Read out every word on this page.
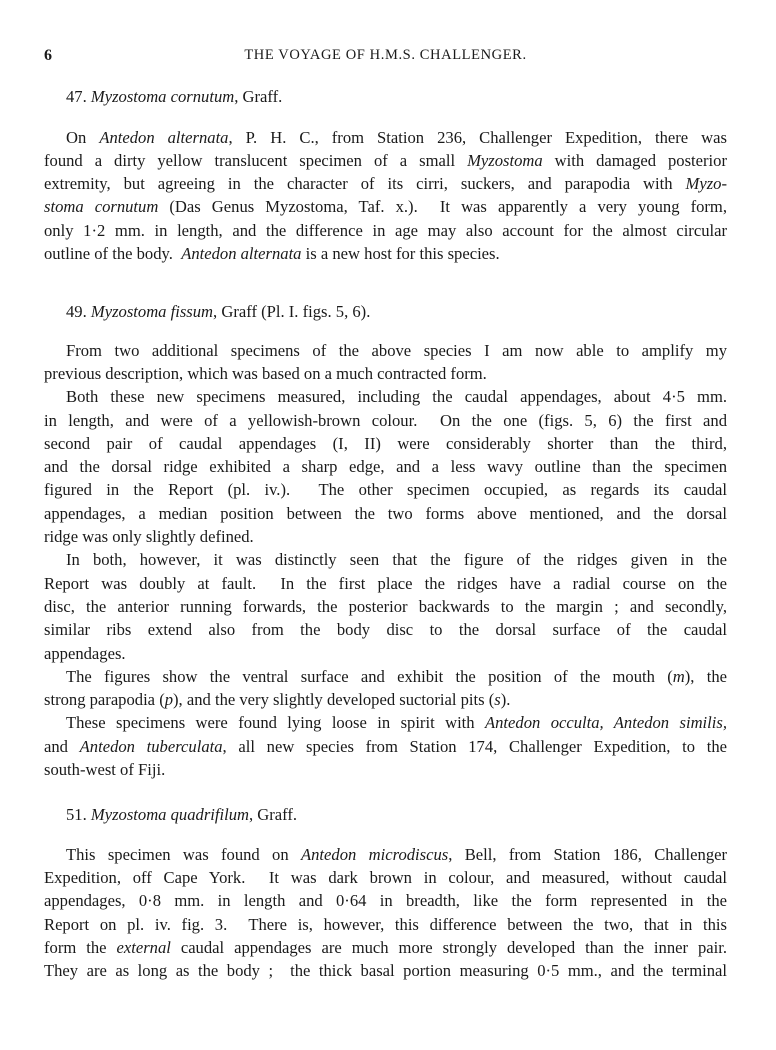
6	THE VOYAGE OF H.M.S. CHALLENGER.
47. Myzostoma cornutum, Graff.
On Antedon alternata, P. H. C., from Station 236, Challenger Expedition, there was
found a dirty yellow translucent specimen of a small Myzostoma with damaged posterior
extremity, but agreeing in the character of its cirri, suckers, and parapodia with Myzo-
stoma cornutum (Das Genus Myzostoma, Taf. x.).  It was apparently a very young form,
only 1·2 mm. in length, and the difference in age may also account for the almost circular
outline of the body.  Antedon alternata is a new host for this species.
49. Myzostoma fissum, Graff (Pl. I. figs. 5, 6).
From two additional specimens of the above species I am now able to amplify my
previous description, which was based on a much contracted form.
Both these new specimens measured, including the caudal appendages, about 4·5 mm.
in length, and were of a yellowish-brown colour.  On the one (figs. 5, 6) the first and
second pair of caudal appendages (I, II) were considerably shorter than the third,
and the dorsal ridge exhibited a sharp edge, and a less wavy outline than the specimen
figured in the Report (pl. iv.).  The other specimen occupied, as regards its caudal
appendages, a median position between the two forms above mentioned, and the dorsal
ridge was only slightly defined.
In both, however, it was distinctly seen that the figure of the ridges given in the
Report was doubly at fault.  In the first place the ridges have a radial course on the
disc, the anterior running forwards, the posterior backwards to the margin ; and secondly,
similar ribs extend also from the body disc to the dorsal surface of the caudal
appendages.
The figures show the ventral surface and exhibit the position of the mouth (m), the
strong parapodia (p), and the very slightly developed suctorial pits (s).
These specimens were found lying loose in spirit with Antedon occulta, Antedon similis,
and Antedon tuberculata, all new species from Station 174, Challenger Expedition, to the
south-west of Fiji.
51. Myzostoma quadrifilum, Graff.
This specimen was found on Antedon microdiscus, Bell, from Station 186, Challenger
Expedition, off Cape York.  It was dark brown in colour, and measured, without caudal
appendages, 0·8 mm. in length and 0·64 in breadth, like the form represented in the
Report on pl. iv. fig. 3.  There is, however, this difference between the two, that in this
form the external caudal appendages are much more strongly developed than the inner pair.
They are as long as the body ;  the thick basal portion measuring 0·5 mm., and the terminal
